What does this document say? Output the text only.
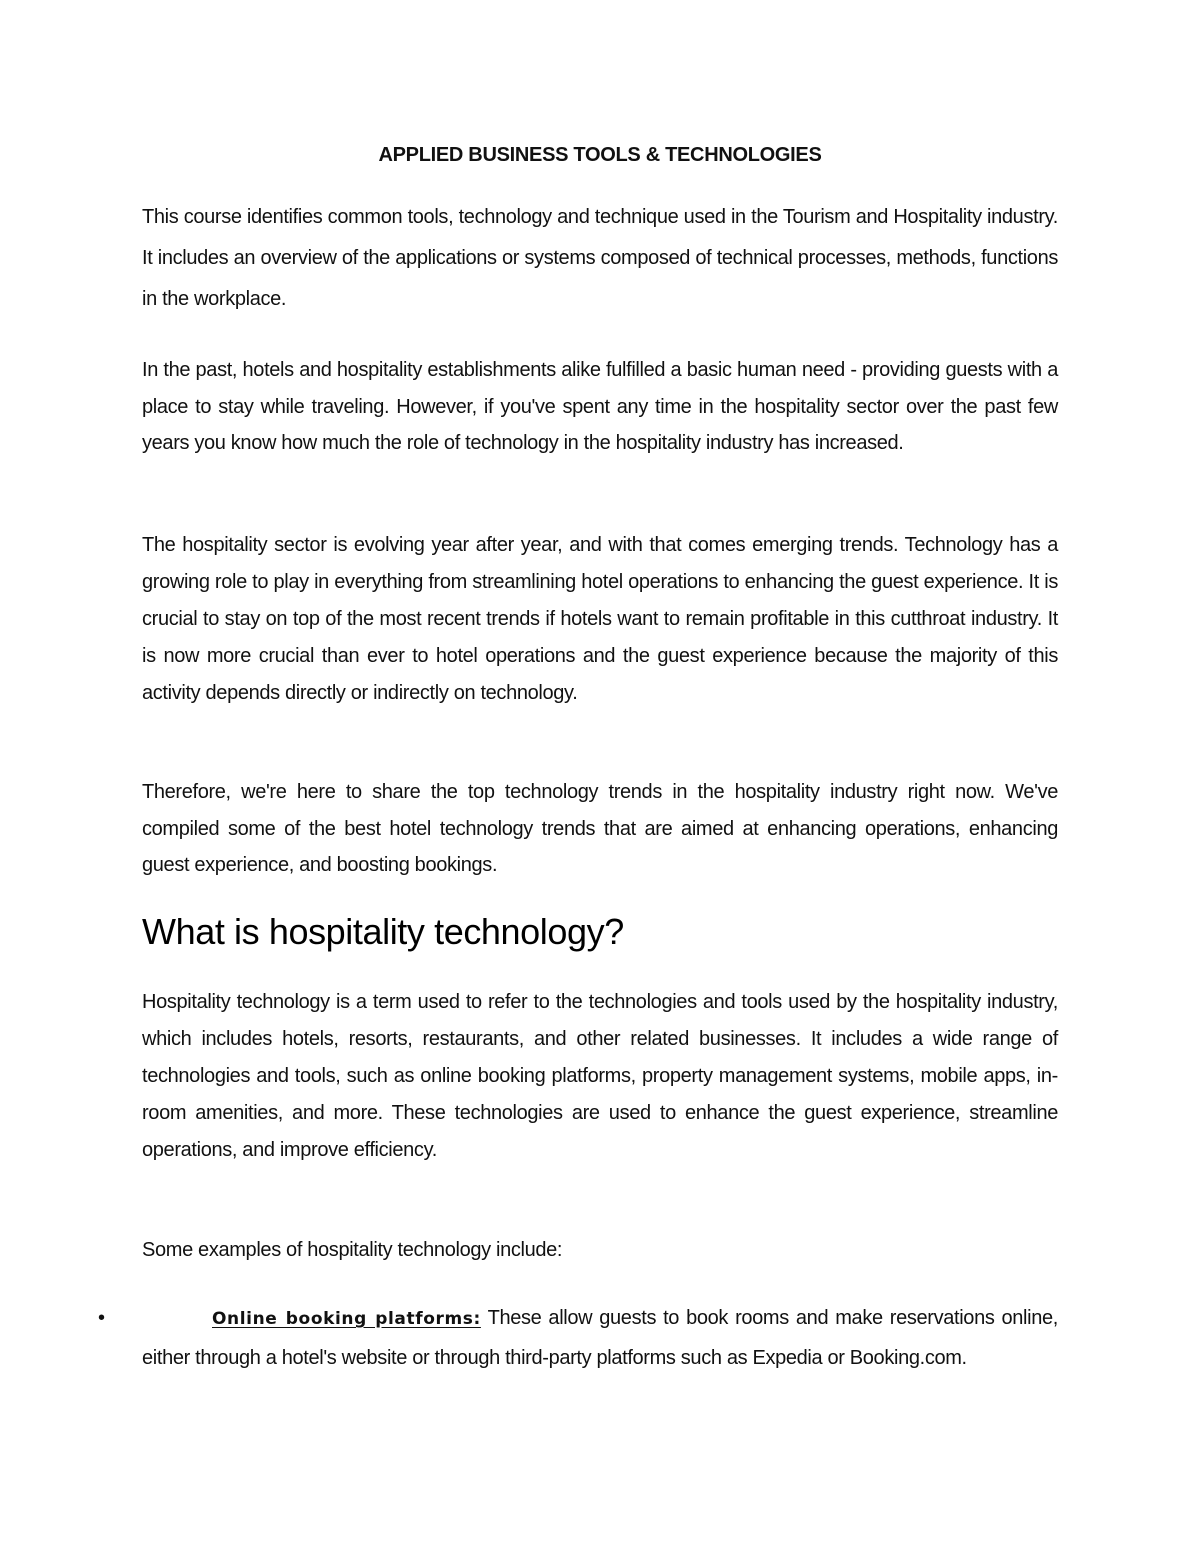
APPLIED BUSINESS TOOLS & TECHNOLOGIES

This course identifies common tools, technology and technique used in the Tourism and Hospitality industry. It includes an overview of the applications or systems composed of technical processes, methods, functions in the workplace.

In the past, hotels and hospitality establishments alike fulfilled a basic human need - providing guests with a place to stay while traveling. However, if you've spent any time in the hospitality sector over the past few years you know how much the role of technology in the hospitality industry has increased.

The hospitality sector is evolving year after year, and with that comes emerging trends. Technology has a growing role to play in everything from streamlining hotel operations to enhancing the guest experience. It is crucial to stay on top of the most recent trends if hotels want to remain profitable in this cutthroat industry. It is now more crucial than ever to hotel operations and the guest experience because the majority of this activity depends directly or indirectly on technology.

Therefore, we're here to share the top technology trends in the hospitality industry right now. We've compiled some of the best hotel technology trends that are aimed at enhancing operations, enhancing guest experience, and boosting bookings.

What is hospitality technology?

Hospitality technology is a term used to refer to the technologies and tools used by the hospitality industry, which includes hotels, resorts, restaurants, and other related businesses. It includes a wide range of technologies and tools, such as online booking platforms, property management systems, mobile apps, in-room amenities, and more. These technologies are used to enhance the guest experience, streamline operations, and improve efficiency.

Some examples of hospitality technology include:

•	Online booking platforms: These allow guests to book rooms and make reservations online, either through a hotel's website or through third-party platforms such as Expedia or Booking.com.
